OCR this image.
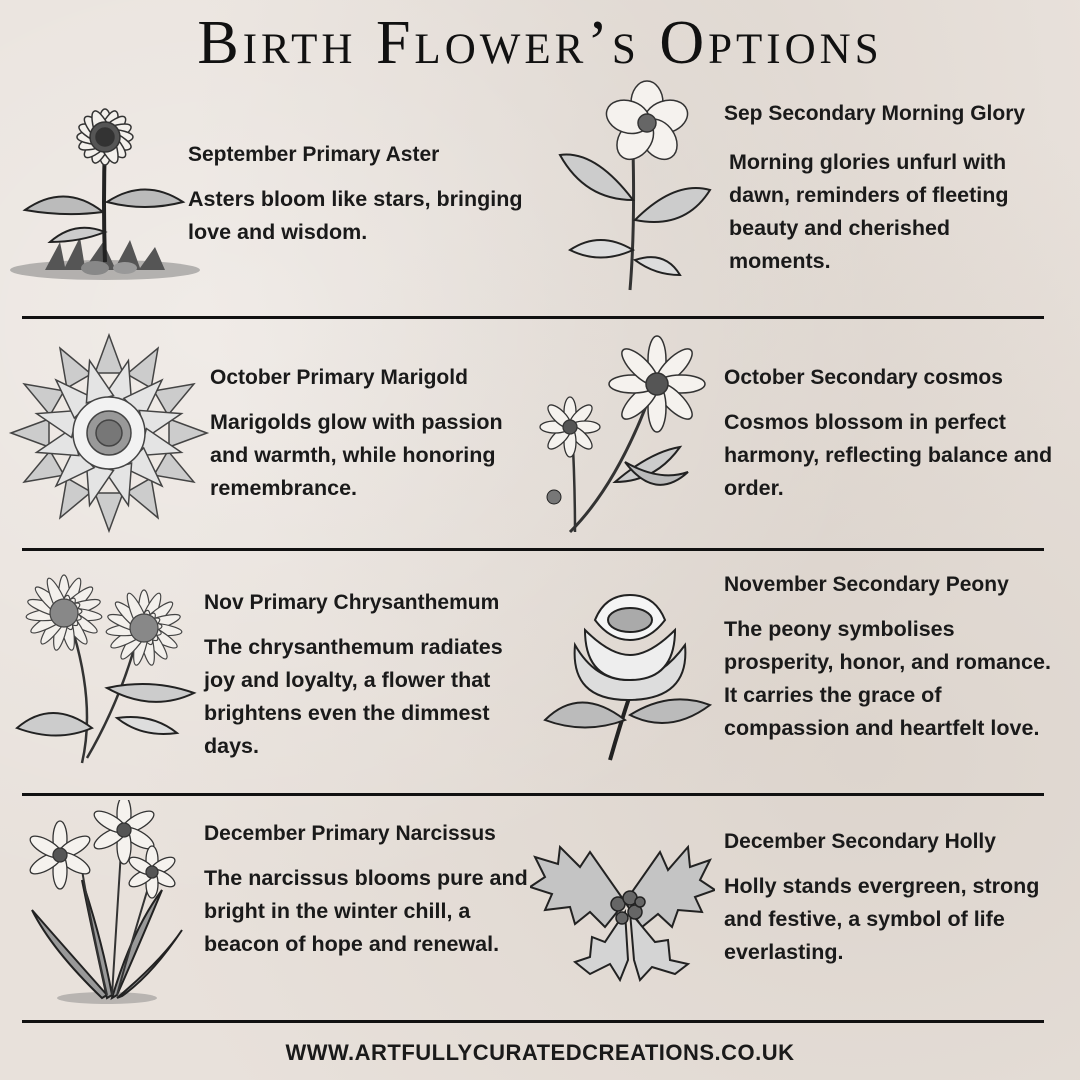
Birth Flower’s Options
September Primary Aster

Asters bloom like stars, bringing love and wisdom.

Sep Secondary Morning Glory

Morning glories unfurl with dawn, reminders of fleeting beauty and cherished moments.

October Primary Marigold

Marigolds glow with passion and warmth, while honoring remembrance.

October Secondary cosmos

Cosmos blossom in perfect harmony, reflecting balance and order.

Nov Primary Chrysanthemum

The chrysanthemum radiates joy and loyalty, a flower that brightens even the dimmest days.

November Secondary Peony

The peony symbolises prosperity, honor, and romance. It carries the grace of compassion and heartfelt love.

December Primary Narcissus

The narcissus blooms pure and bright in the winter chill, a beacon of hope and renewal.

December Secondary Holly

Holly stands evergreen, strong and festive, a symbol of life everlasting.

WWW.ARTFULLYCURATEDCREATIONS.CO.UK
